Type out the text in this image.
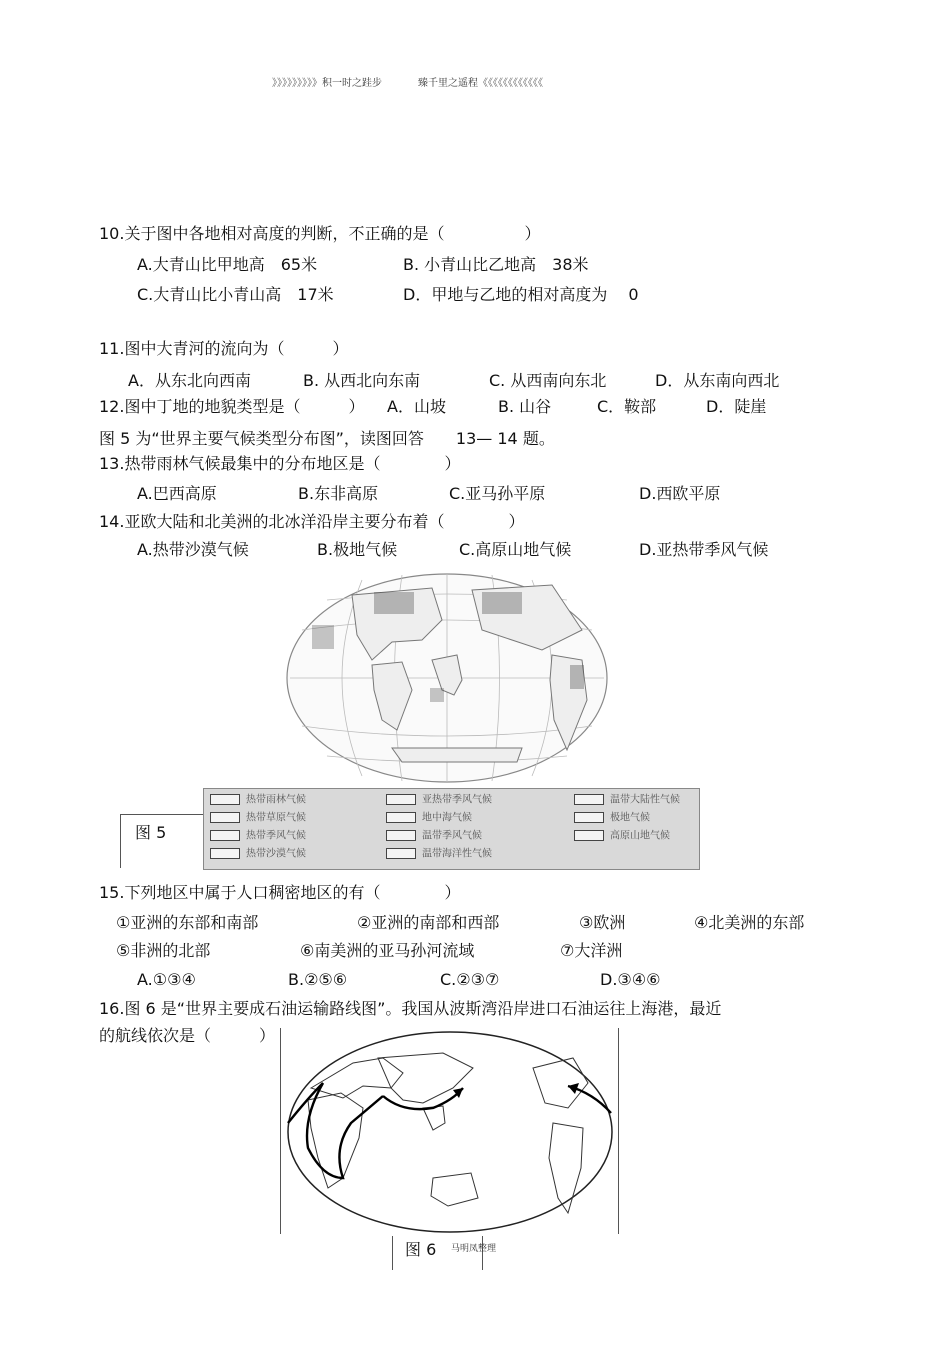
》》》》》》》》》积一时之跬步	臻千里之遥程《《《《《《《《《《《《
10.关于图中各地相对高度的判断，不正确的是（　　　　　）
A.大青山比甲地高　65米	B. 小青山比乙地高　38米
C.大青山比小青山高　17米	D．甲地与乙地的相对高度为　 0
11.图中大青河的流向为（　　　）
A．从东北向西南	B. 从西北向东南	C. 从西南向东北	D．从东南向西北
12.图中丁地的地貌类型是（　　　） A．山坡	B. 山谷	C．鞍部	D．陡崖
图 5 为“世界主要气候类型分布图”，读图回答　　13— 14 题。
13.热带雨林气候最集中的分布地区是（　　　　）
A.巴西高原	B.东非高原	C.亚马孙平原	D.西欧平原
14.亚欧大陆和北美洲的北冰洋沿岸主要分布着（　　　　）
A.热带沙漠气候	B.极地气候	C.高原山地气候	D.亚热带季风气候
热带雨林气候
热带草原气候
热带季风气候
热带沙漠气候
亚热带季风气候
地中海气候
温带季风气候
温带海洋性气候
温带大陆性气候
极地气候
高原山地气候
图 5
15.下列地区中属于人口稠密地区的有（　　　　）
①亚洲的东部和南部	②亚洲的南部和西部	③欧洲	④北美洲的东部
⑤非洲的北部	⑥南美洲的亚马孙河流域	⑦大洋洲
A.①③④	B.②⑤⑥	C.②③⑦	D.③④⑥
16.图 6 是“世界主要成石油运输路线图”。我国从波斯湾沿岸进口石油运往上海港，最近
的航线依次是（　　　）
图 6 马明凤整理
